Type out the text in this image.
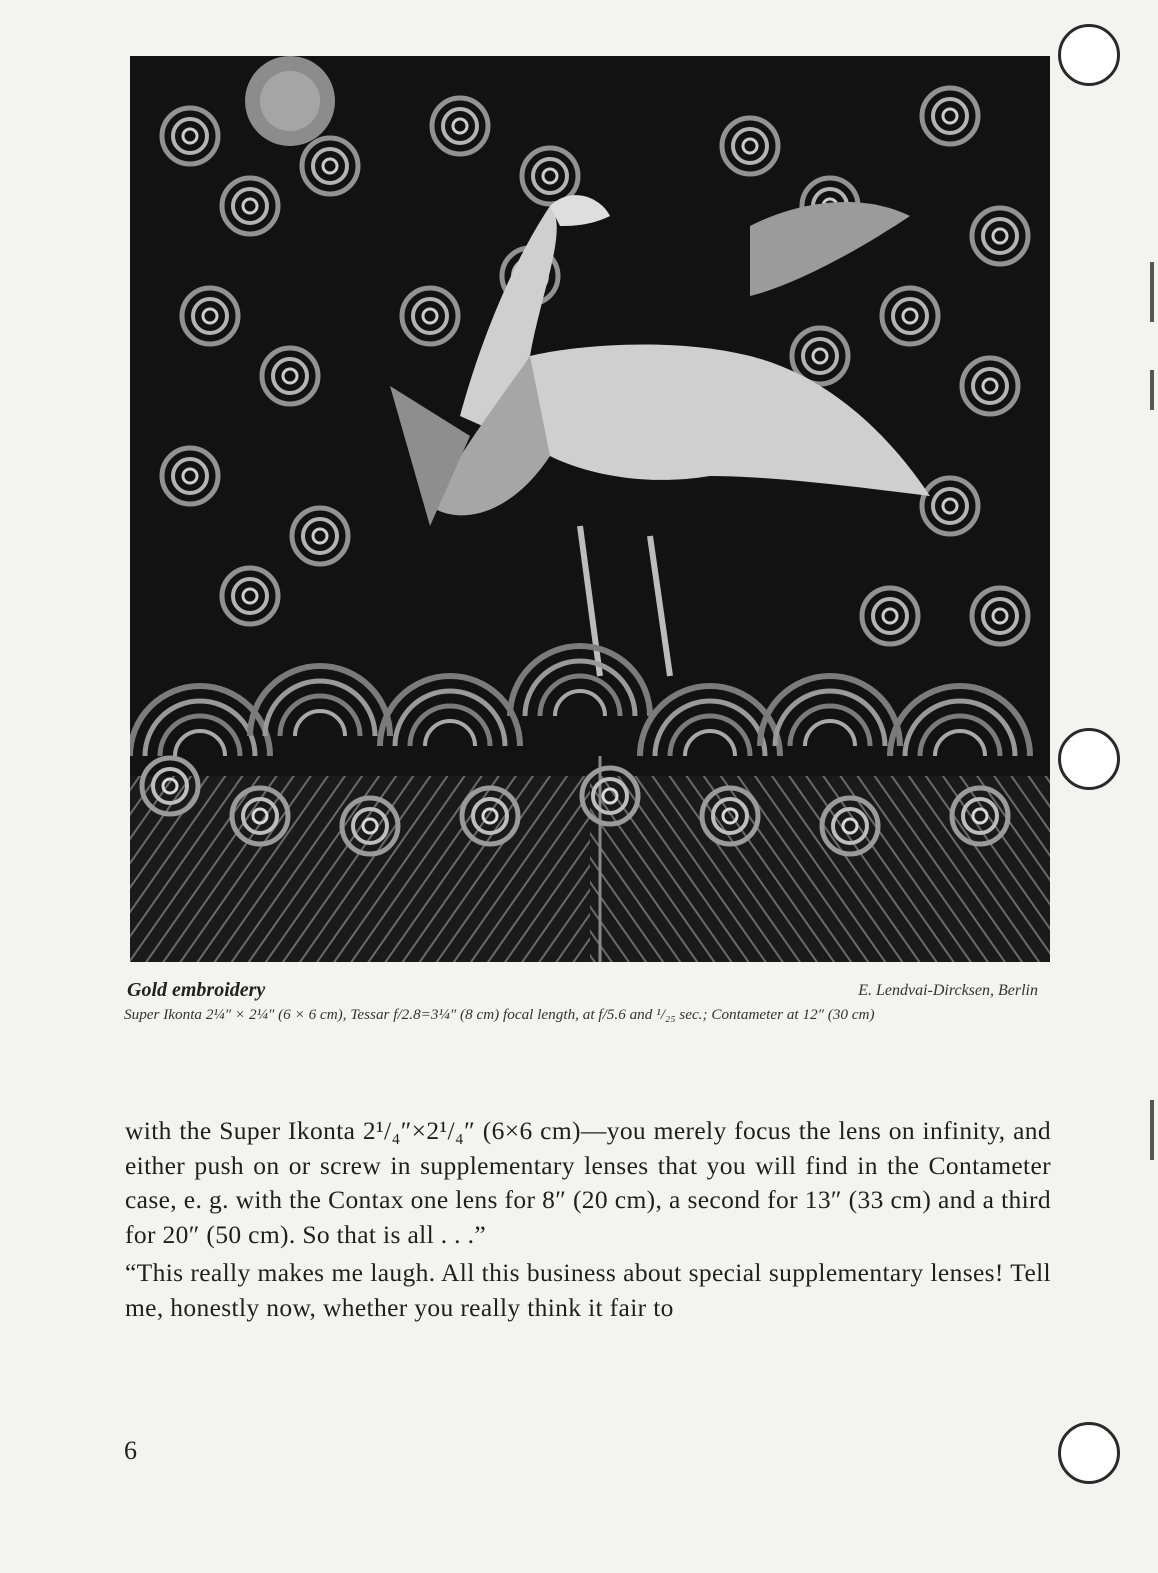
Gold embroidery	E. Lendvai-Dircksen, Berlin
Super Ikonta 2¼″ × 2¼″ (6 × 6 cm), Tessar f/2.8=3¼″ (8 cm) focal length, at f/5.6 and ¹/₂₅ sec.; Contameter at 12″ (30 cm)

with the Super Ikonta 2¹/₄″×2¹/₄″ (6×6 cm)—you merely focus the lens on infinity, and either push on or screw in supplementary lenses that you will find in the Contameter case, e. g. with the Contax one lens for 8″ (20 cm), a second for 13″ (33 cm) and a third for 20″ (50 cm). So that is all . . .”

“This really makes me laugh. All this business about special supplementary lenses! Tell me, honestly now, whether you really think it fair to

6
